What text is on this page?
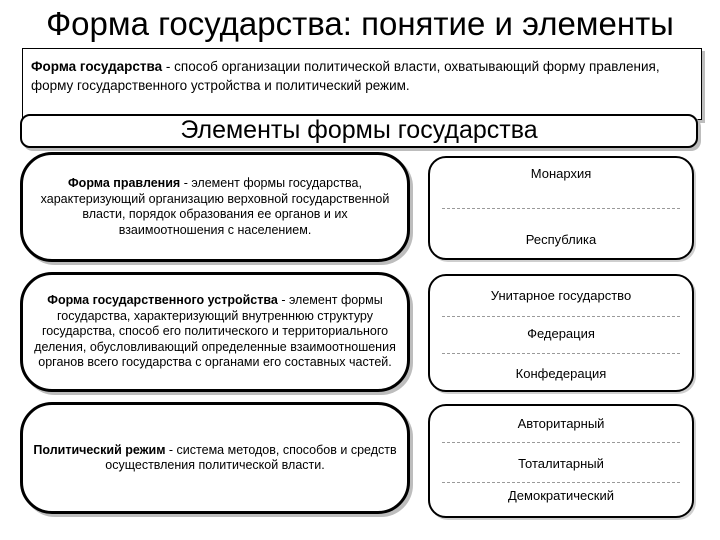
Форма государства: понятие и элементы
Форма государства - способ организации политической власти, охватывающий форму правления, форму государственного устройства и политический режим.
Элементы формы государства

Форма правления - элемент формы государства, характеризующий организацию верховной государственной власти, порядок образования ее органов и их взаимоотношения с населением.

Монархия
Республика

Форма государственного устройства - элемент формы государства, характеризующий внутреннюю структуру государства, способ его политического и территориального деления, обусловливающий определенные взаимоотношения органов всего государства с органами его составных частей.

Унитарное государство
Федерация
Конфедерация

Политический режим - система методов, способов и средств осуществления политической власти.

Авторитарный
Тоталитарный
Демократический
